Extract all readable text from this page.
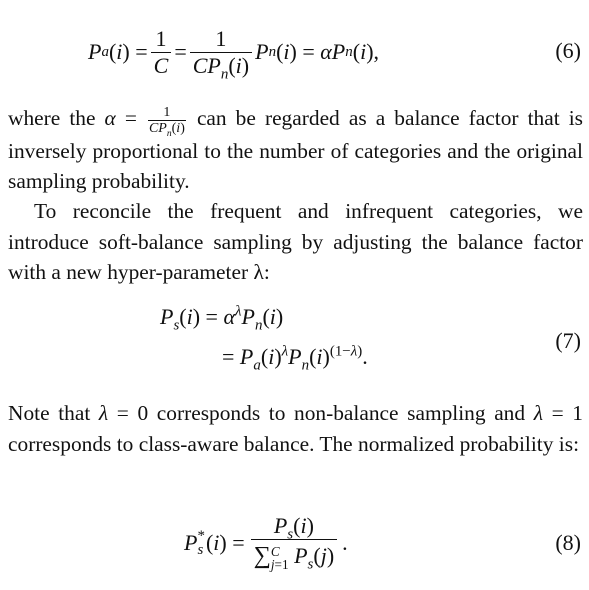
P a ( i ) = $\frac{1}{C} = \frac{1}{CP_n(i)}$ P n ( i ) = αP n ( i ),	(6)
where the α = 1
$CP_n(i)$ can be regarded as a balance factor that is inversely proportional to the number of categories and the original sampling probability.
To reconcile the frequent and infrequent categories, we introduce soft-balance sampling by adjusting the balance factor with a new hyper-parameter λ:
$P_s(i) = \alpha^\lambda P_n(i)$
= $P_a(i)^\lambda P_n(i)^{(1-\lambda)}$.
(7)
Note that λ = 0 corresponds to non-balance sampling and λ = 1 corresponds to class-aware balance. The normalized probability is:
P *
s ( i ) = $P_s(i)$
∑ C
j=1 $P_s(j)$ .	(8)
